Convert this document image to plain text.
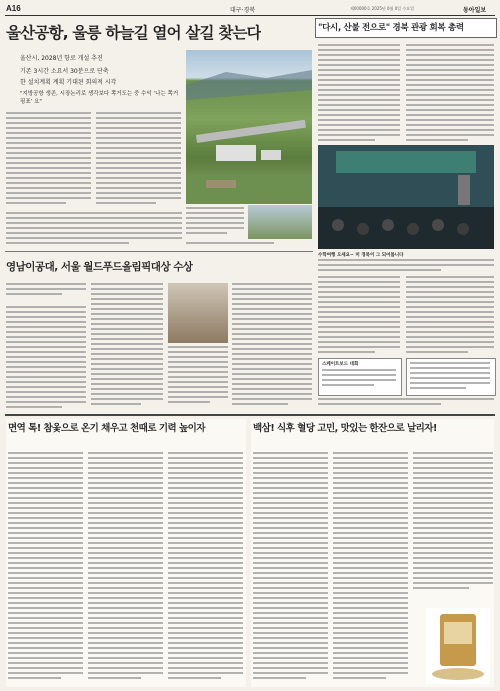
A16	대구·경북	제00000호 2025년 0월 0일 수요일	동아일보
울산공항, 울릉 하늘길 열어 살길 찾는다
울산시, 2028년 항로 개설 추진
기존 3시간 소요서 30분으로 단축
한 설치계획 계획 기대된 회의적 시각
"지방공항 생존, 시장논리로 생각보다 쪽거도는 중 수익 ‘나는 쪽거 핑표’ 요"
"다시, 산불 전으로" 경북 관광 회복 총력
수학여행 오세요~ 미 경북이 그 되어봅니다
영남이공대, 서울 월드푸드올림픽대상 수상
스케이트보드 대회
면역 톡! 참옻으로 온기 채우고 천때로 기력 높이자	백삼! 식후 혈당 고민, 맛있는 한잔으로 날리자!
